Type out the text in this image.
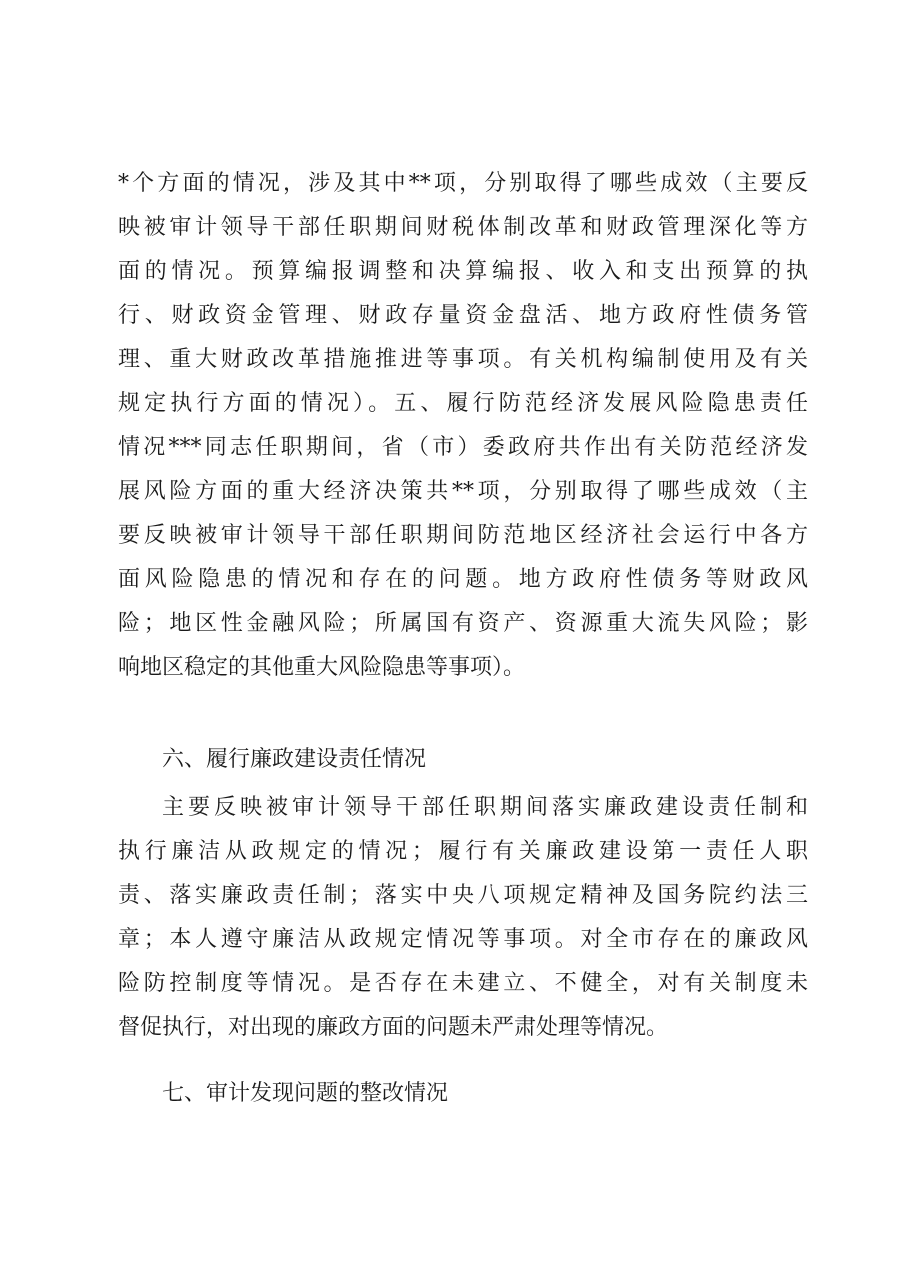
*个方面的情况，涉及其中**项，分别取得了哪些成效（主要反
映被审计领导干部任职期间财税体制改革和财政管理深化等方
面的情况。预算编报调整和决算编报、收入和支出预算的执
行、财政资金管理、财政存量资金盘活、地方政府性债务管
理、重大财政改革措施推进等事项。有关机构编制使用及有关
规定执行方面的情况）。五、履行防范经济发展风险隐患责任
情况***同志任职期间，省（市）委政府共作出有关防范经济发
展风险方面的重大经济决策共**项，分别取得了哪些成效（主
要反映被审计领导干部任职期间防范地区经济社会运行中各方
面风险隐患的情况和存在的问题。地方政府性债务等财政风
险；地区性金融风险；所属国有资产、资源重大流失风险；影
响地区稳定的其他重大风险隐患等事项）。
六、履行廉政建设责任情况
主要反映被审计领导干部任职期间落实廉政建设责任制和
执行廉洁从政规定的情况；履行有关廉政建设第一责任人职
责、落实廉政责任制；落实中央八项规定精神及国务院约法三
章；本人遵守廉洁从政规定情况等事项。对全市存在的廉政风
险防控制度等情况。是否存在未建立、不健全，对有关制度未
督促执行，对出现的廉政方面的问题未严肃处理等情况。
七、审计发现问题的整改情况
